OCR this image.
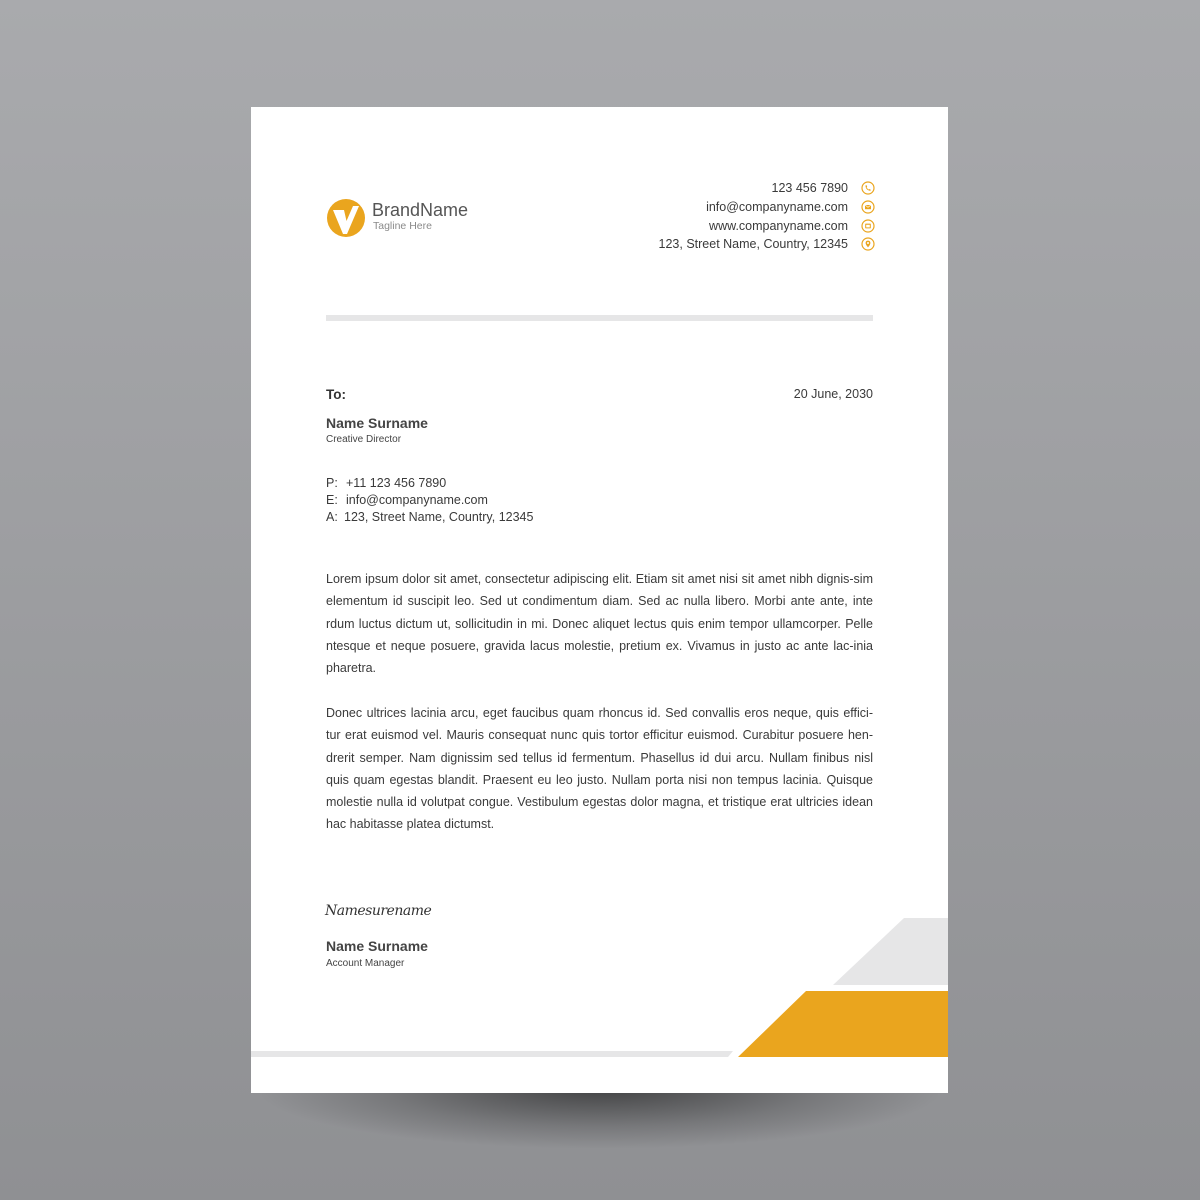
BrandName
Tagline Here
123 456 7890
info@companyname.com
www.companyname.com
123, Street Name, Country, 12345
To:	20 June, 2030
Name Surname
Creative Director
P: +11 123 456 7890
E: info@companyname.com
A: 123, Street Name, Country, 12345

Lorem ipsum dolor sit amet, consectetur adipiscing elit. Etiam sit amet nisi sit amet nibh dignis-sim elementum id suscipit leo. Sed ut condimentum diam. Sed ac nulla libero. Morbi ante ante, inte rdum luctus dictum ut, sollicitudin in mi. Donec aliquet lectus quis enim tempor ullamcorper. Pelle ntesque et neque posuere, gravida lacus molestie, pretium ex. Vivamus in justo ac ante lac-inia pharetra.

Donec ultrices lacinia arcu, eget faucibus quam rhoncus id. Sed convallis eros neque, quis effici-tur erat euismod vel. Mauris consequat nunc quis tortor efficitur euismod. Curabitur posuere hen-drerit semper. Nam dignissim sed tellus id fermentum. Phasellus id dui arcu. Nullam finibus nisl quis quam egestas blandit. Praesent eu leo justo. Nullam porta nisi non tempus lacinia. Quisque molestie nulla id volutpat congue. Vestibulum egestas dolor magna, et tristique erat ultricies idean hac habitasse platea dictumst.

Namesurename
Name Surname
Account Manager
